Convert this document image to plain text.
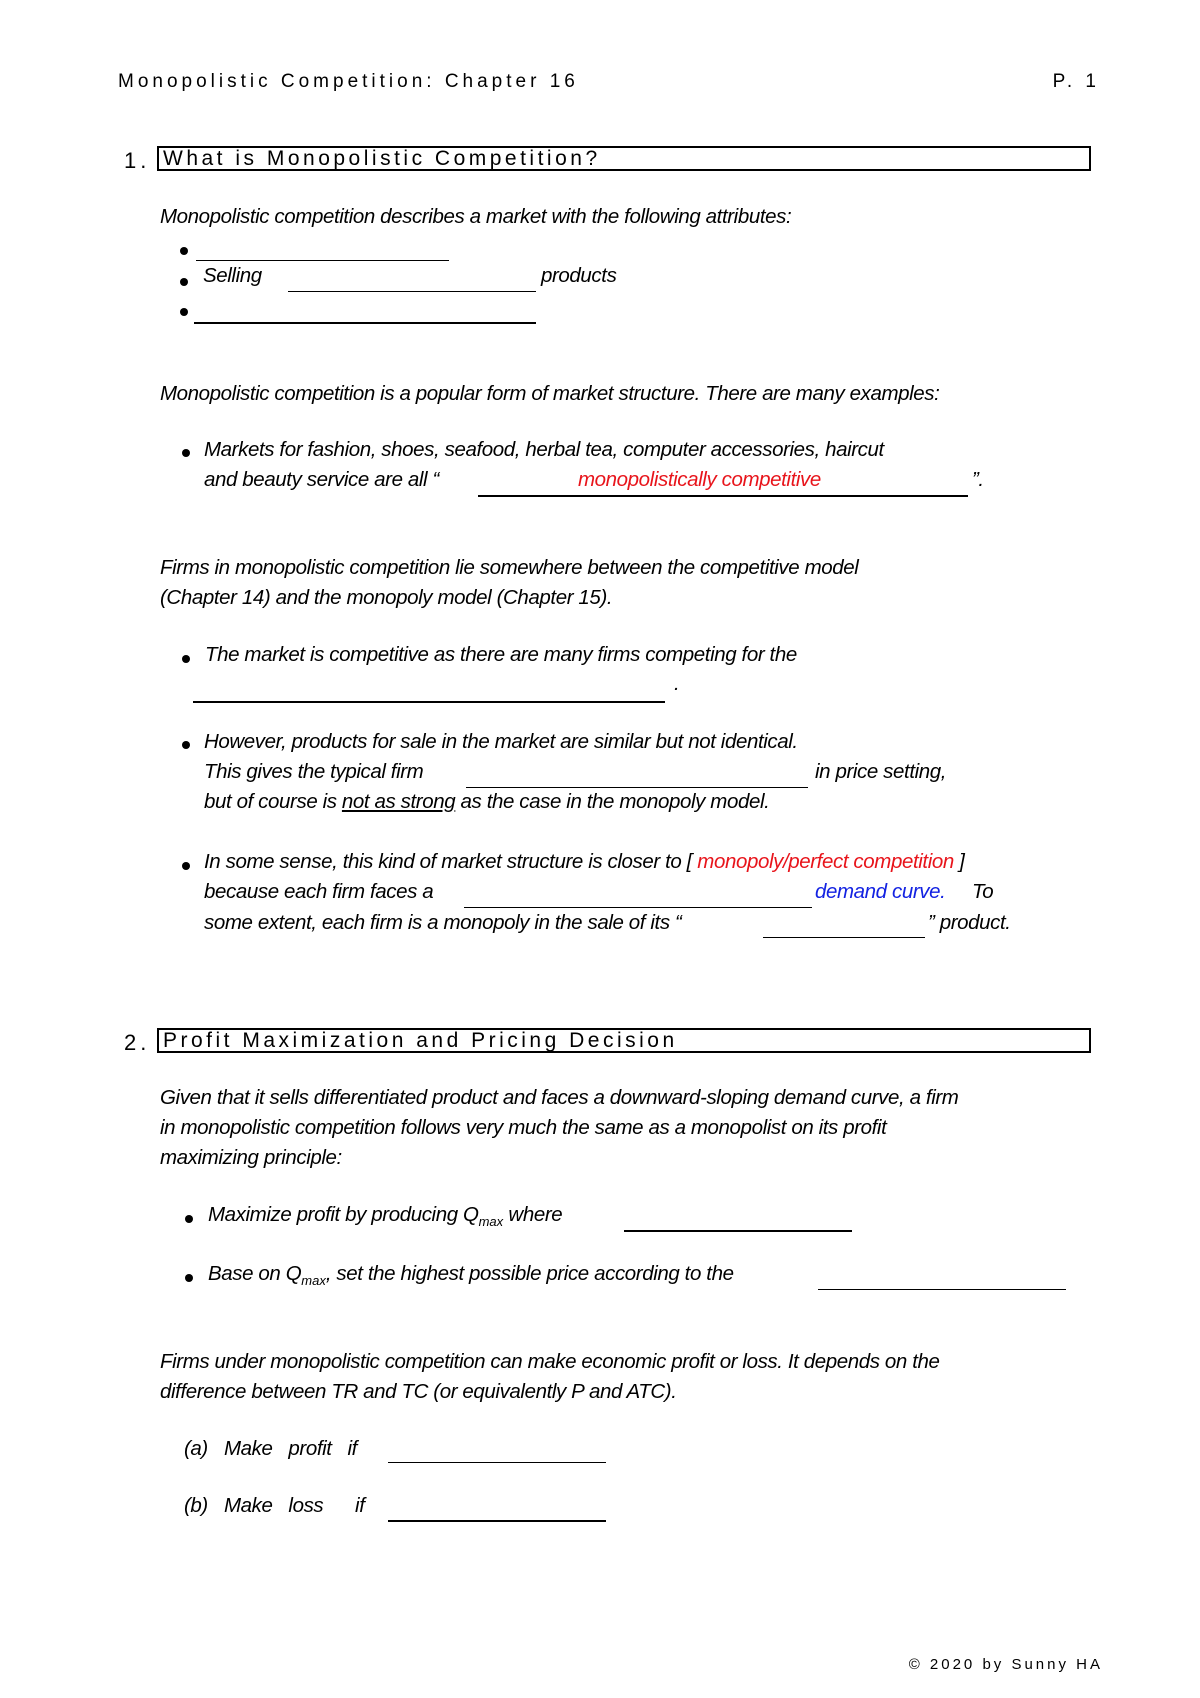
Monopolistic Competition: Chapter 16	P. 1
1. What is Monopolistic Competition?
Monopolistic competition describes a market with the following attributes:
Selling	products
Monopolistic competition is a popular form of market structure. There are many examples:
Markets for fashion, shoes, seafood, herbal tea, computer accessories, haircut
and beauty service are all “	monopolistically competitive	”.
Firms in monopolistic competition lie somewhere between the competitive model
(Chapter 14) and the monopoly model (Chapter 15).
The market is competitive as there are many firms competing for the
.
However, products for sale in the market are similar but not identical.
This gives the typical firm	in price setting,
but of course is not as strong as the case in the monopoly model.
In some sense, this kind of market structure is closer to [ monopoly/perfect competition ]
because each firm faces a	demand curve. To
some extent, each firm is a monopoly in the sale of its “	” product.
2. Profit Maximization and Pricing Decision
Given that it sells differentiated product and faces a downward-sloping demand curve, a firm
in monopolistic competition follows very much the same as a monopolist on its profit
maximizing principle:
Maximize profit by producing $Q_{max}$ where
Base on $Q_{max}$, set the highest possible price according to the
Firms under monopolistic competition can make economic profit or loss. It depends on the
difference between TR and TC (or equivalently P and ATC).
(a) Make   profit   if
(b) Make   loss      if
© 2020 by Sunny HA
